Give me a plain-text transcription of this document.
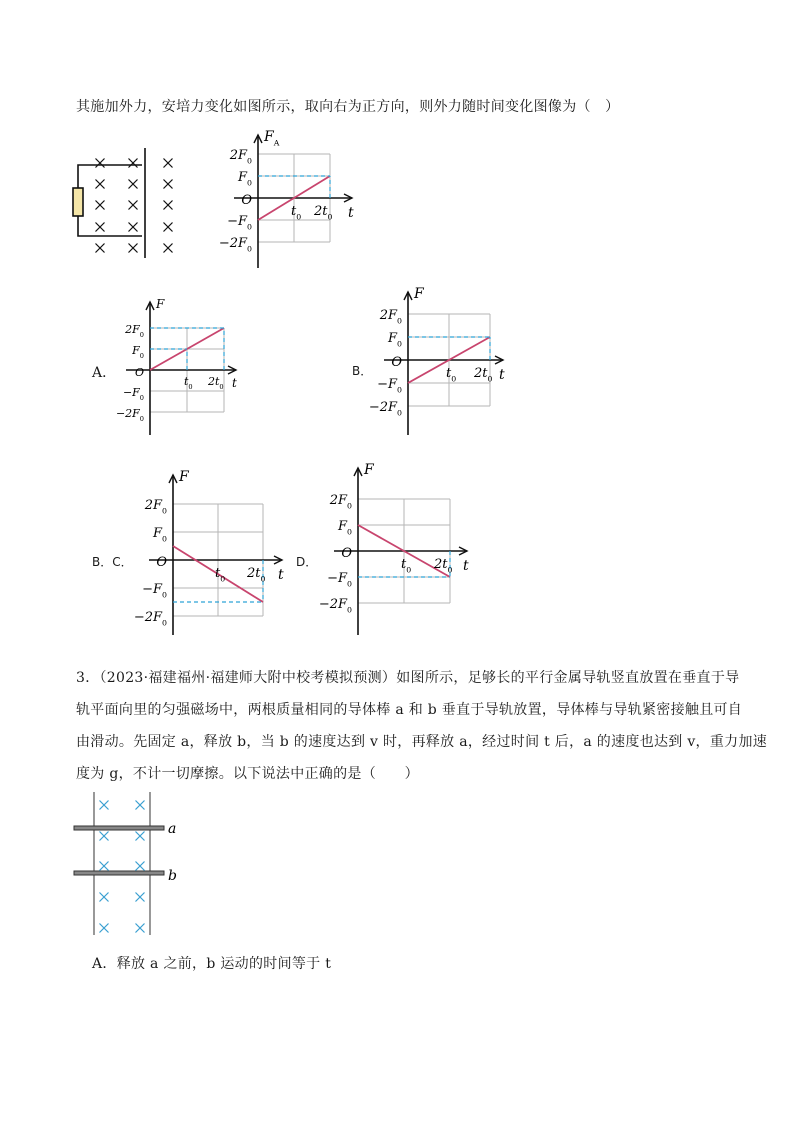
其施加外力，安培力变化如图所示，取向右为正方向，则外力随时间变化图像为（　）
$2F_0$
$F_0$
O
$-F_0$
$-2F_0$
$t_0$ $2t_0$ t
$F_A$
$2F_0$
$F_0$
O
$-F_0$
$-2F_0$
$t_0$ $2t_0$ t
F
$2F_0$
$F_0$
O
$-F_0$
$-2F_0$
$t_0$ $2t_0$ t
F
$2F_0$
$F_0$
O
$-F_0$
$-2F_0$
$t_0$ $2t_0$ t
F
$2F_0$
$F_0$
O
$-F_0$
$-2F_0$
$t_0$ $2t_0$ t
F
A．	B．
B．C．	D．
3．（2023·福建福州·福建师大附中校考模拟预测）如图所示，足够长的平行金属导轨竖直放置在垂直于导
轨平面向里的匀强磁场中，两根质量相同的导体棒 a 和 b 垂直于导轨放置，导体棒与导轨紧密接触且可自
由滑动。先固定 a，释放 b，当 b 的速度达到 v 时，再释放 a，经过时间 t 后，a 的速度也达到 v，重力加速
度为 g，不计一切摩擦。以下说法中正确的是（　　）
a
b
A．释放 a 之前，b 运动的时间等于 t
